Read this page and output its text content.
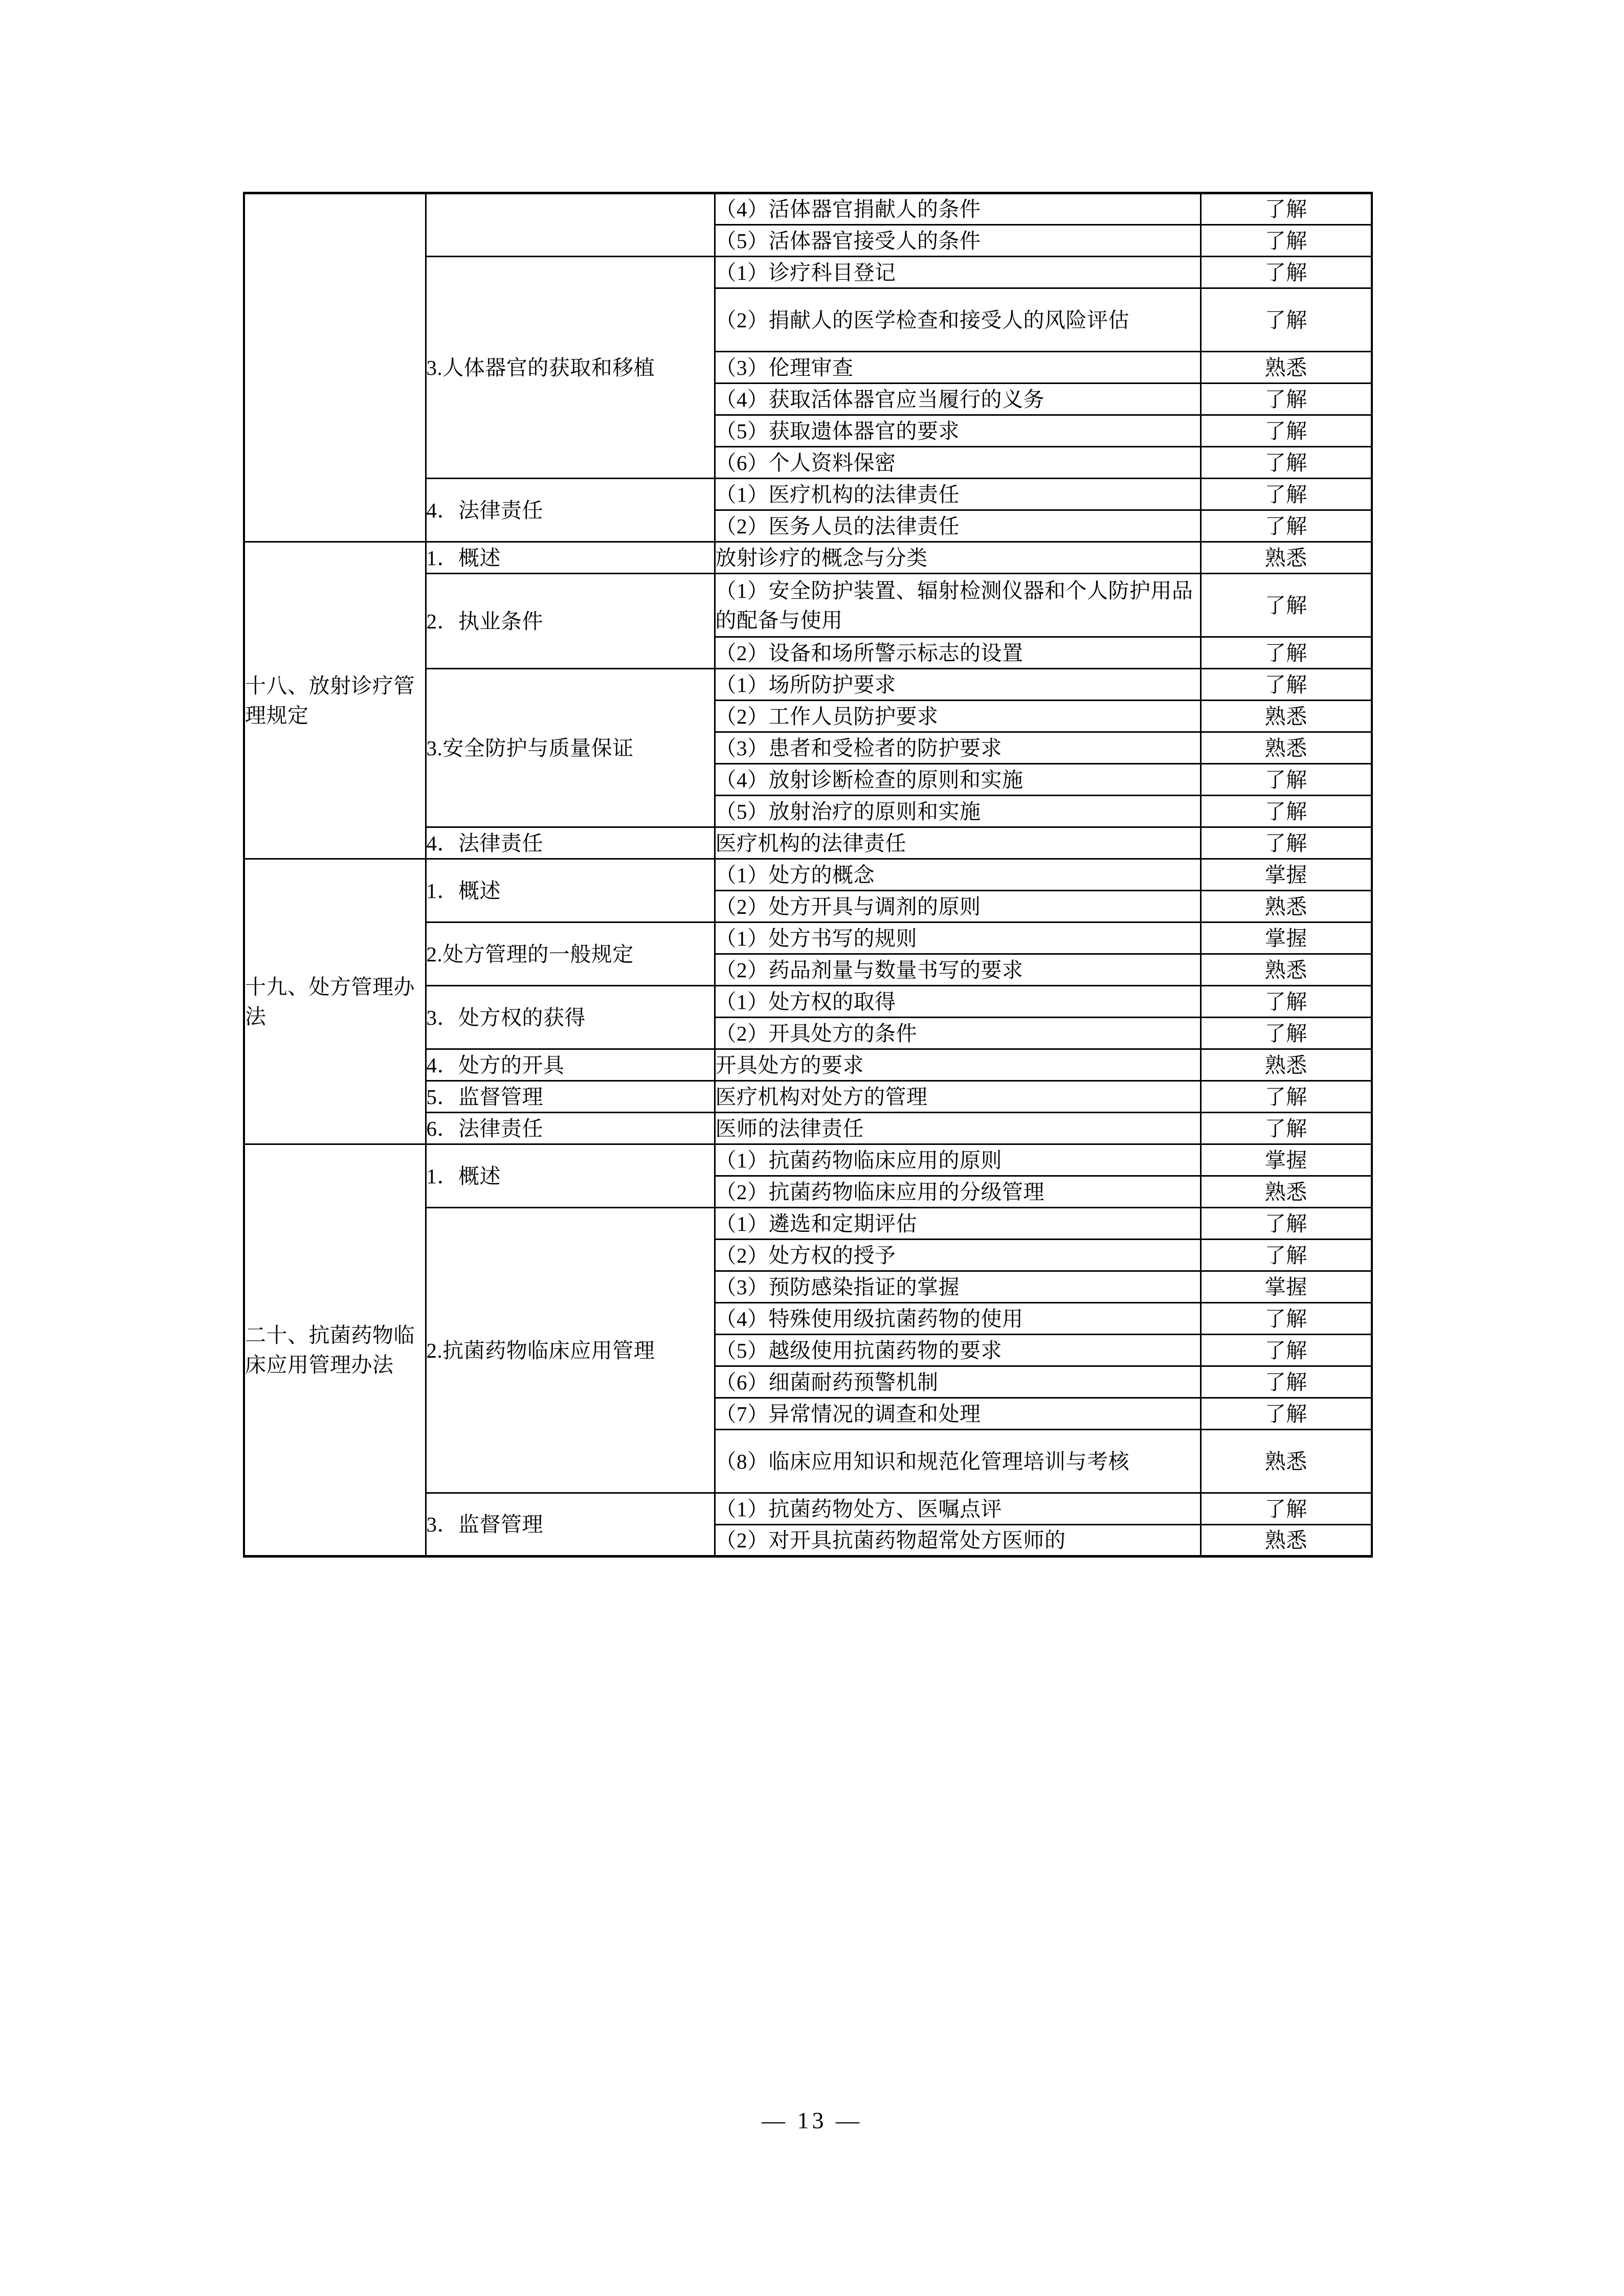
		（4）活体器官捐献人的条件	了解
		（5）活体器官接受人的条件	了解
	3.人体器官的获取和移植	（1）诊疗科目登记	了解
		（2）捐献人的医学检查和接受人的风险评估	了解
		（3）伦理审查	熟悉
		（4）获取活体器官应当履行的义务	了解
		（5）获取遗体器官的要求	了解
		（6）个人资料保密	了解
	4．法律责任	（1）医疗机构的法律责任	了解
		（2）医务人员的法律责任	了解
十八、放射诊疗管理规定	1．概述	放射诊疗的概念与分类	熟悉
	2．执业条件	（1）安全防护装置、辐射检测仪器和个人防护用品的配备与使用	了解
		（2）设备和场所警示标志的设置	了解
	3.安全防护与质量保证	（1）场所防护要求	了解
		（2）工作人员防护要求	熟悉
		（3）患者和受检者的防护要求	熟悉
		（4）放射诊断检查的原则和实施	了解
		（5）放射治疗的原则和实施	了解
	4．法律责任	医疗机构的法律责任	了解
十九、处方管理办法	1．概述	（1）处方的概念	掌握
		（2）处方开具与调剂的原则	熟悉
	2.处方管理的一般规定	（1）处方书写的规则	掌握
		（2）药品剂量与数量书写的要求	熟悉
	3．处方权的获得	（1）处方权的取得	了解
		（2）开具处方的条件	了解
	4．处方的开具	开具处方的要求	熟悉
	5．监督管理	医疗机构对处方的管理	了解
	6．法律责任	医师的法律责任	了解
二十、抗菌药物临床应用管理办法	1．概述	（1）抗菌药物临床应用的原则	掌握
		（2）抗菌药物临床应用的分级管理	熟悉
	2.抗菌药物临床应用管理	（1）遴选和定期评估	了解
		（2）处方权的授予	了解
		（3）预防感染指证的掌握	掌握
		（4）特殊使用级抗菌药物的使用	了解
		（5）越级使用抗菌药物的要求	了解
		（6）细菌耐药预警机制	了解
		（7）异常情况的调查和处理	了解
		（8）临床应用知识和规范化管理培训与考核	熟悉
	3．监督管理	（1）抗菌药物处方、医嘱点评	了解
		（2）对开具抗菌药物超常处方医师的	熟悉
— 13 —
